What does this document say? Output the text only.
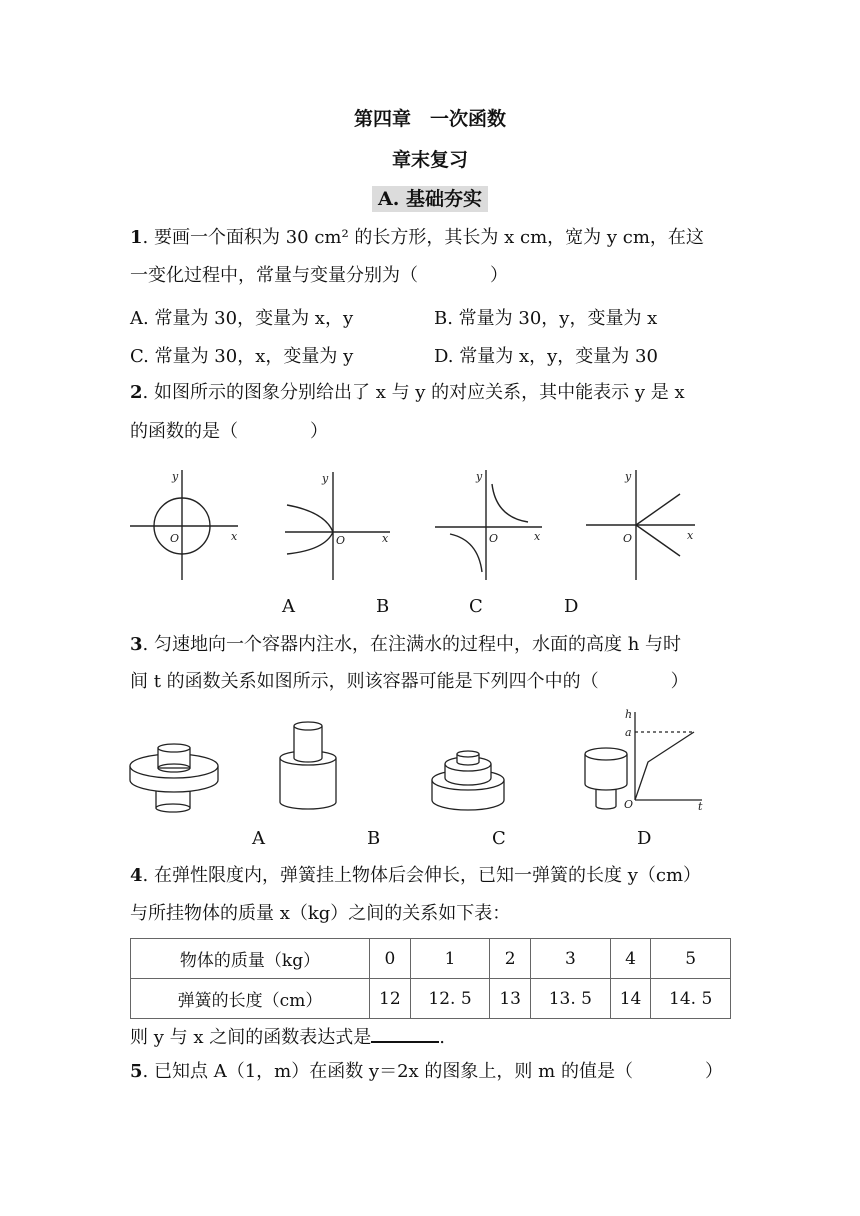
第四章　一次函数
章末复习
A. 基础夯实
1. 要画一个面积为 30 cm² 的长方形，其长为 x cm，宽为 y cm，在这
一变化过程中，常量与变量分别为（　　　　）
A. 常量为 30，变量为 x，y	B. 常量为 30，y，变量为 x
C. 常量为 30，x，变量为 y	D. 常量为 x，y，变量为 30
2. 如图所示的图象分别给出了 x 与 y 的对应关系，其中能表示 y 是 x
的函数的是（　　　　）
x
y
O	x
y
O	x
y
O	x
y
O
A	B	C	D
3. 匀速地向一个容器内注水，在注满水的过程中，水面的高度 h 与时
间 t 的函数关系如图所示，则该容器可能是下列四个中的（　　　　）
h
a
O	t
A	B	C	D
4. 在弹性限度内，弹簧挂上物体后会伸长，已知一弹簧的长度 y（cm）
与所挂物体的质量 x（kg）之间的关系如下表：
物体的质量（kg）	0	1	2	3	4	5
弹簧的长度（cm）	12	12. 5	13	13. 5	14	14. 5
则 y 与 x 之间的函数表达式是	.
5. 已知点 A（1，m）在函数 y＝2x 的图象上，则 m 的值是（　　　　）
